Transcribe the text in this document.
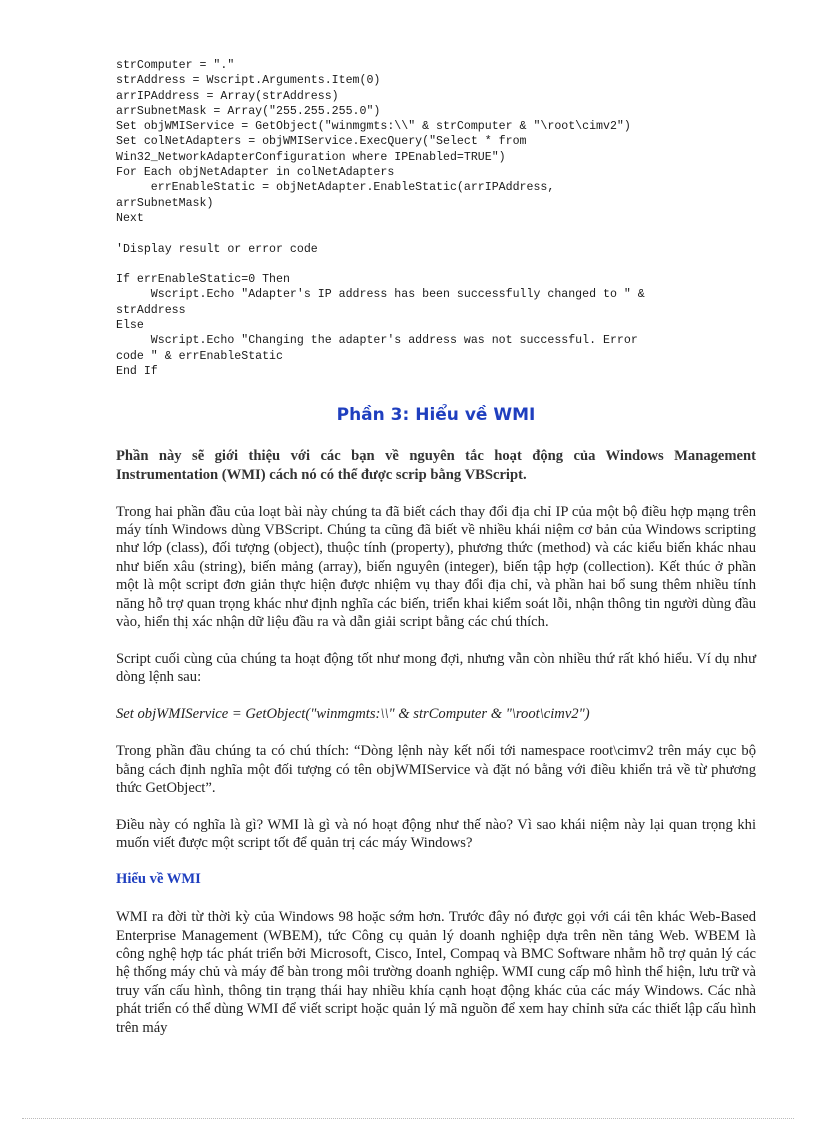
strComputer = "."
strAddress = Wscript.Arguments.Item(0)
arrIPAddress = Array(strAddress)
arrSubnetMask = Array("255.255.255.0")
Set objWMIService = GetObject("winmgmts:\\" & strComputer & "\root\cimv2")
Set colNetAdapters = objWMIService.ExecQuery("Select * from
Win32_NetworkAdapterConfiguration where IPEnabled=TRUE")
For Each objNetAdapter in colNetAdapters
errEnableStatic = objNetAdapter.EnableStatic(arrIPAddress,
arrSubnetMask)
Next
'Display result or error code
If errEnableStatic=0 Then
Wscript.Echo "Adapter's IP address has been successfully changed to " &
strAddress
Else
Wscript.Echo "Changing the adapter's address was not successful. Error
code " & errEnableStatic
End If
Phần 3: Hiểu về WMI

Phần này sẽ giới thiệu với các bạn về nguyên tắc hoạt động của Windows Management Instrumentation (WMI) cách nó có thể được scrip bằng VBScript.

Trong hai phần đầu của loạt bài này chúng ta đã biết cách thay đổi địa chỉ IP của một bộ điều hợp mạng trên máy tính Windows dùng VBScript. Chúng ta cũng đã biết về nhiều khái niệm cơ bản của Windows scripting như lớp (class), đối tượng (object), thuộc tính (property), phương thức (method) và các kiểu biến khác nhau như biến xâu (string), biến mảng (array), biến nguyên (integer), biến tập hợp (collection). Kết thúc ở phần một là một script đơn giản thực hiện được nhiệm vụ thay đổi địa chỉ, và phần hai bổ sung thêm nhiều tính năng hỗ trợ quan trọng khác như định nghĩa các biến, triển khai kiểm soát lỗi, nhận thông tin người dùng đầu vào, hiển thị xác nhận dữ liệu đầu ra và dẫn giải script bằng các chú thích.

Script cuối cùng của chúng ta hoạt động tốt như mong đợi, nhưng vẫn còn nhiều thứ rất khó hiểu. Ví dụ như dòng lệnh sau:

Set objWMIService = GetObject("winmgmts:\\" & strComputer & "\root\cimv2")

Trong phần đầu chúng ta có chú thích: “Dòng lệnh này kết nối tới namespace root\cimv2 trên máy cục bộ bằng cách định nghĩa một đối tượng có tên objWMIService và đặt nó bằng với điều khiển trả về từ phương thức GetObject”.

Điều này có nghĩa là gì? WMI là gì và nó hoạt động như thế nào? Vì sao khái niệm này lại quan trọng khi muốn viết được một script tốt để quản trị các máy Windows?

Hiểu về WMI

WMI ra đời từ thời kỳ của Windows 98 hoặc sớm hơn. Trước đây nó được gọi với cái tên khác Web-Based Enterprise Management (WBEM), tức Công cụ quản lý doanh nghiệp dựa trên nền tảng Web. WBEM là công nghệ hợp tác phát triển bởi Microsoft, Cisco, Intel, Compaq và BMC Software nhằm hỗ trợ quản lý các hệ thống máy chủ và máy để bàn trong môi trường doanh nghiệp. WMI cung cấp mô hình thể hiện, lưu trữ và truy vấn cấu hình, thông tin trạng thái hay nhiều khía cạnh hoạt động khác của các máy Windows. Các nhà phát triển có thể dùng WMI để viết script hoặc quản lý mã nguồn để xem hay chỉnh sửa các thiết lập cấu hình trên máy
